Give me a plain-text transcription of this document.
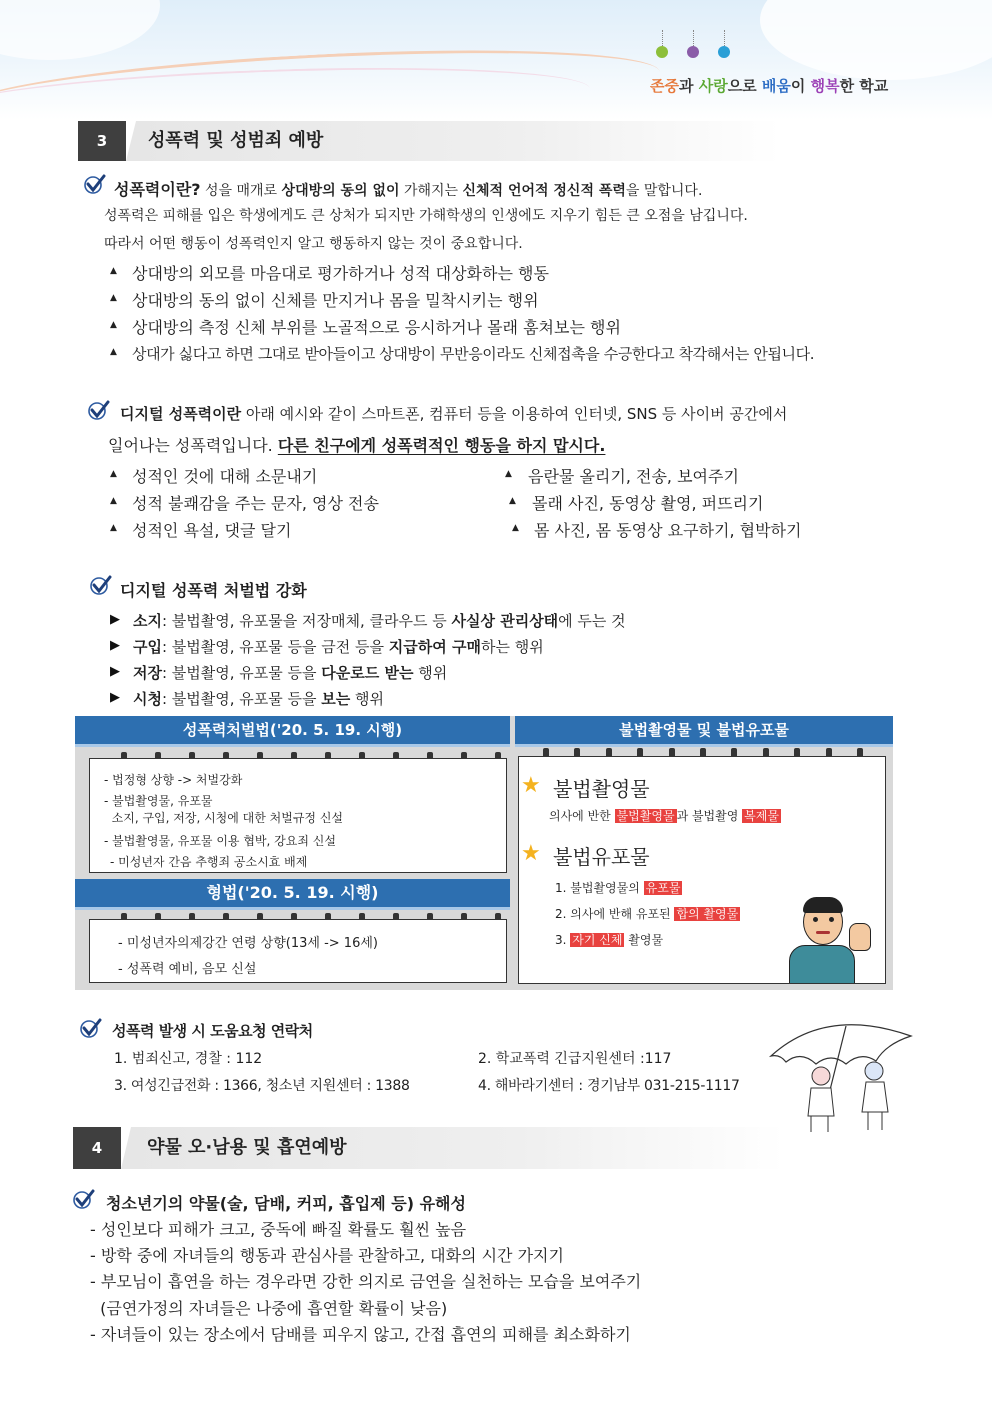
존중과 사랑으로 배움이 행복한 학교
3	성폭력 및 성범죄 예방
성폭력이란? 성을 매개로 상대방의 동의 없이 가해지는 신체적 언어적 정신적 폭력을 말합니다.
성폭력은 피해를 입은 학생에게도 큰 상처가 되지만 가해학생의 인생에도 지우기 힘든 큰 오점을 남깁니다.
따라서 어떤 행동이 성폭력인지 알고 행동하지 않는 것이 중요합니다.
▲ 상대방의 외모를 마음대로 평가하거나 성적 대상화하는 행동
▲ 상대방의 동의 없이 신체를 만지거나 몸을 밀착시키는 행위
▲ 상대방의 측정 신체 부위를 노골적으로 응시하거나 몰래 훔쳐보는 행위
▲ 상대가 싫다고 하면 그대로 받아들이고 상대방이 무반응이라도 신체접촉을 수긍한다고 착각해서는 안됩니다.
디지털 성폭력이란 아래 예시와 같이 스마트폰, 컴퓨터 등을 이용하여 인터넷, SNS 등 사이버 공간에서
일어나는 성폭력입니다. 다른 친구에게 성폭력적인 행동을 하지 맙시다.
▲ 성적인 것에 대해 소문내기
▲ 성적 불쾌감을 주는 문자, 영상 전송
▲ 성적인 욕설, 댓글 달기
▲ 음란물 올리기, 전송, 보여주기
▲ 몰래 사진, 동영상 촬영, 퍼뜨리기
▲ 몸 사진, 몸 동영상 요구하기, 협박하기
디지털 성폭력 처벌법 강화
▶ 소지: 불법촬영, 유포물을 저장매체, 클라우드 등 사실상 관리상태에 두는 것
▶ 구입: 불법촬영, 유포물 등을 금전 등을 지급하여 구매하는 행위
▶ 저장: 불법촬영, 유포물 등을 다운로드 받는 행위
▶ 시청: 불법촬영, 유포물 등을 보는 행위
성폭력처벌법('20. 5. 19. 시행)	불법촬영물 및 불법유포물
- 법정형 상향 -> 처벌강화
- 불법촬영물, 유포물
소지, 구입, 저장, 시청에 대한 처벌규정 신설
- 불법촬영물, 유포물 이용 협박, 강요죄 신설
- 미성년자 간음 추행죄 공소시효 배제
형법('20. 5. 19. 시행)
- 미성년자의제강간 연령 상향(13세 -> 16세)
- 성폭력 예비, 음모 신설
★ 불법촬영물
의사에 반한 불법촬영물 과 불법촬영 복제물
★ 불법유포물
1. 불법촬영물의 유포물
2. 의사에 반해 유포된 합의 촬영물
3. 자기 신체 촬영물
성폭력 발생 시 도움요청 연락처
1. 범죄신고, 경찰 : 112	2. 학교폭력 긴급지원센터 :117
3. 여성긴급전화 : 1366, 청소년 지원센터 : 1388	4. 해바라기센터 : 경기남부 031-215-1117
4	약물 오·남용 및 흡연예방
청소년기의 약물(술, 담배, 커피, 흡입제 등) 유해성
- 성인보다 피해가 크고, 중독에 빠질 확률도 훨씬 높음
- 방학 중에 자녀들의 행동과 관심사를 관찰하고, 대화의 시간 가지기
- 부모님이 흡연을 하는 경우라면 강한 의지로 금연을 실천하는 모습을 보여주기
(금연가정의 자녀들은 나중에 흡연할 확률이 낮음)
- 자녀들이 있는 장소에서 담배를 피우지 않고, 간접 흡연의 피해를 최소화하기
